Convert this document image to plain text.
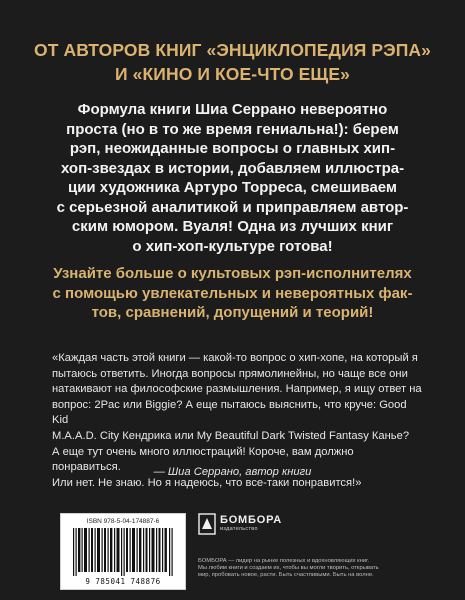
ОТ АВТОРОВ КНИГ «ЭНЦИКЛОПЕДИЯ РЭПА»
И «КИНО И КОЕ-ЧТО ЕЩЕ»
Формула книги Шиа Серрано невероятно
проста (но в то же время гениальна!): берем
рэп, неожиданные вопросы о главных хип-
хоп-звездах в истории, добавляем иллюстра-
ции художника Артуро Торреса, смешиваем
с серьезной аналитикой и приправляем автор-
ским юмором. Вуаля! Одна из лучших книг
о хип-хоп-культуре готова!
Узнайте больше о культовых рэп-исполнителях
с помощью увлекательных и невероятных фак-
тов, сравнений, допущений и теорий!

«Каждая часть этой книги — какой-то вопрос о хип-хопе, на который я

пытаюсь ответить. Иногда вопросы прямолинейны, но чаще все они

натакивают на философские размышления. Например, я ищу ответ на

вопрос: 2Pac или Biggie? А еще пытаюсь выяснить, что круче: Good Kid

M.A.A.D. City Кендрика или My Beautiful Dark Twisted Fantasy Канье?

А еще тут очень много иллюстраций! Короче, вам должно понравиться.

Или нет. Не знаю. Но я надеюсь, что все-таки понравится!»

— Шиа Серрано, автор книги
ISBN 978-5-04-174887-6
9 785041 748876
БОМБОРА
издательство
БОМБОРА — лидер на рынке полезных и вдохновляющих книг.
Мы любим книги и создаем их, чтобы вы могли творить, открывать
мир, пробовать новое, расти. Быть счастливыми. Быть на волне.
